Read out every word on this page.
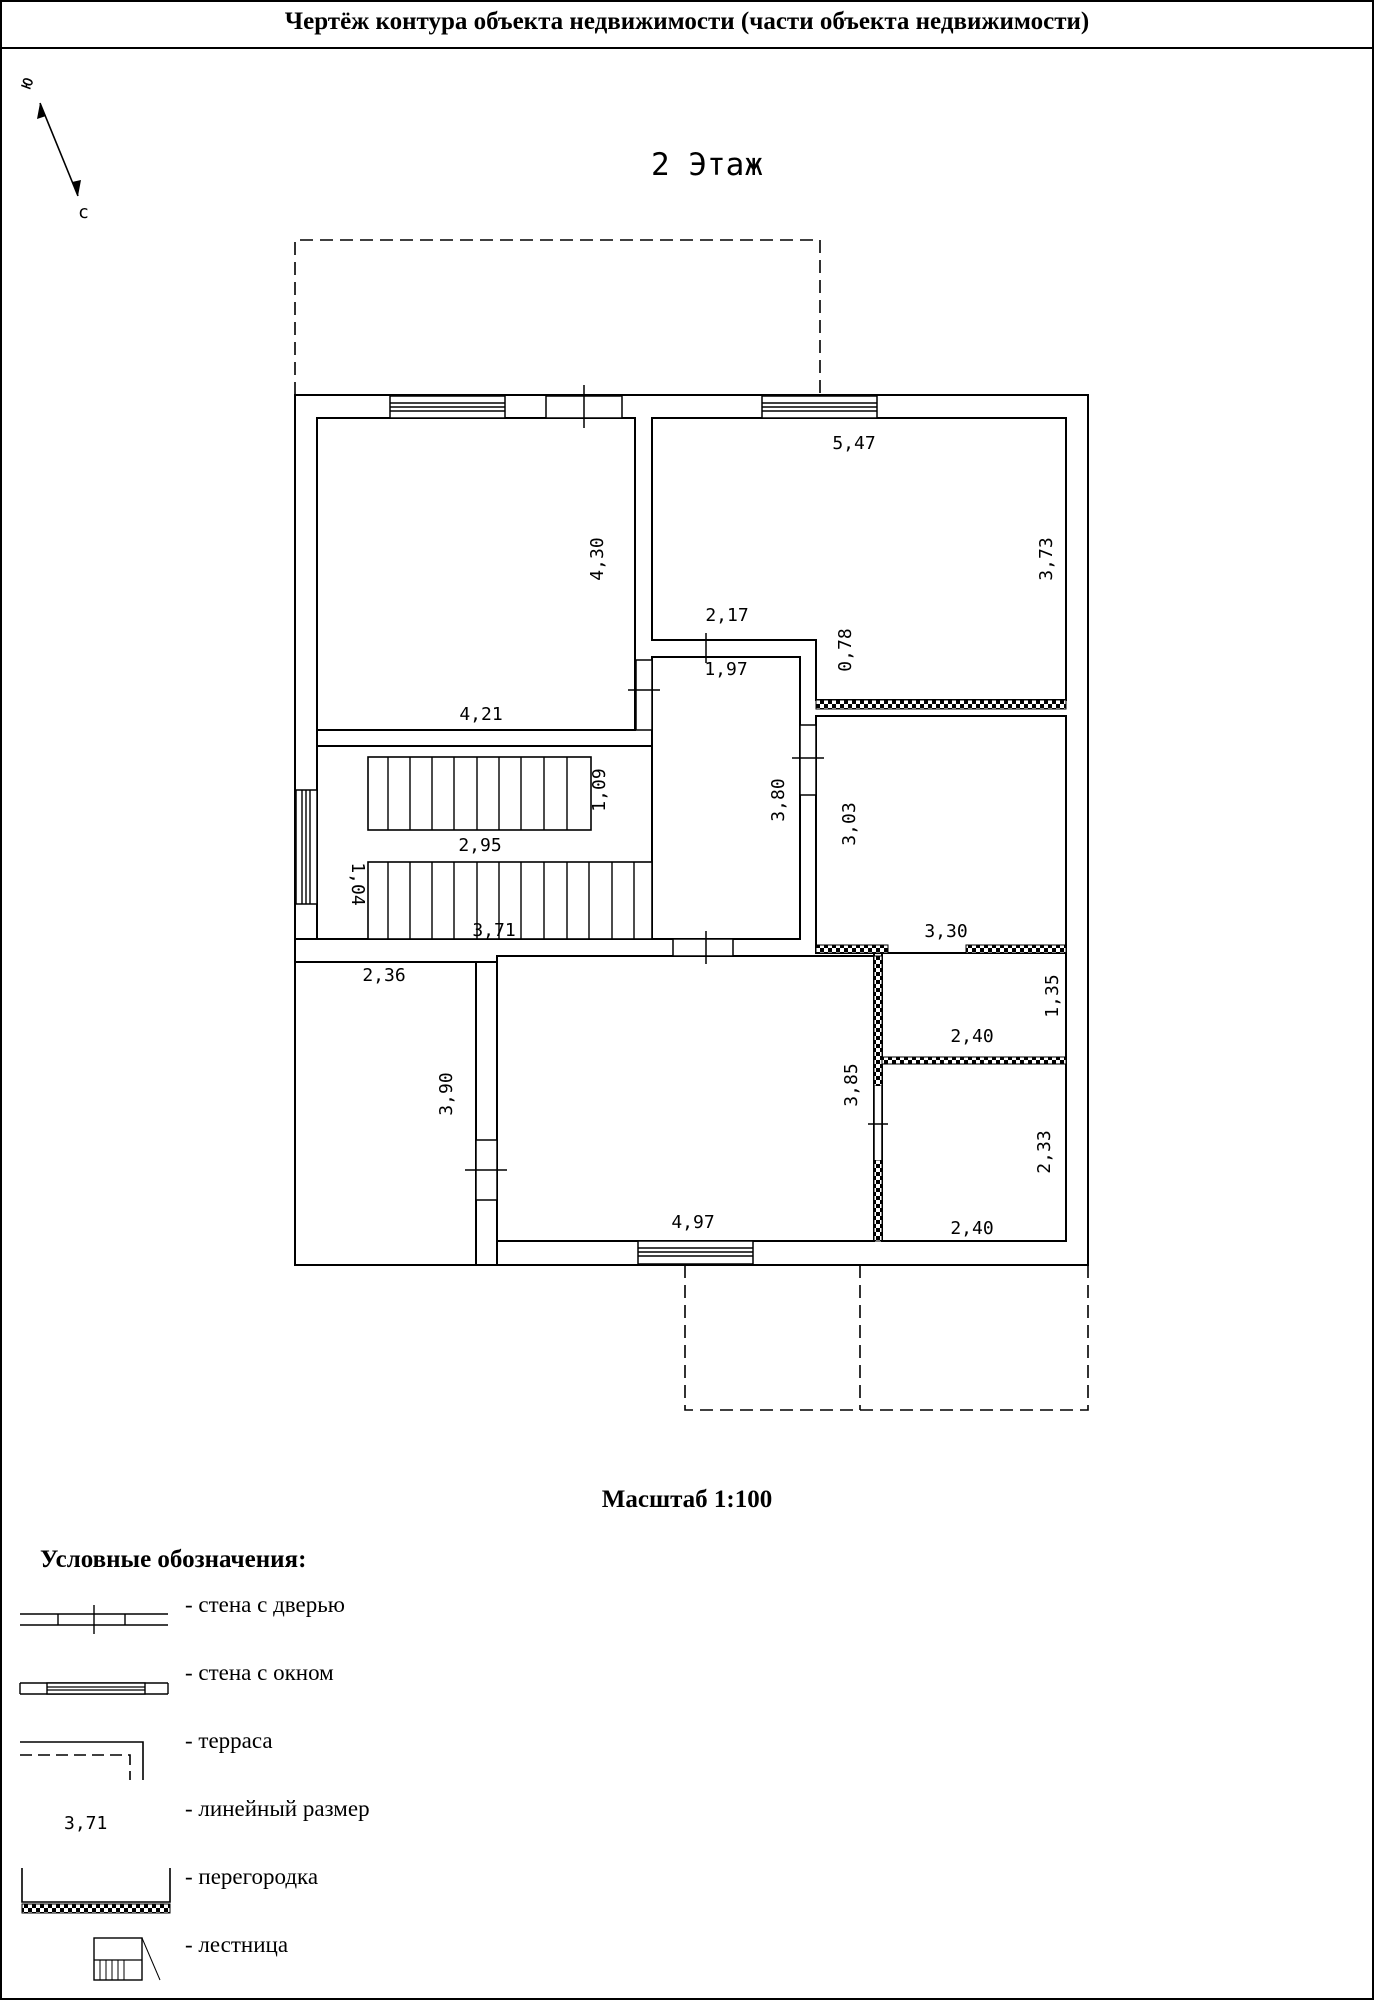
Чертёж контура объекта недвижимости (части объекта недвижимости)
ю
с
2 Этаж
5,47
4,30	3,73
2,17
1,97	0,78
4,21
1,09	3,80
3,03
2,95
1,04
3,71	3,30
2,36	1,35
2,40
3,90	3,85
2,33
4,97	2,40
Масштаб 1:100
Условные обозначения:
- стена с дверью
- стена с окном
- терраса
3,71
- линейный размер
- перегородка
- лестница
